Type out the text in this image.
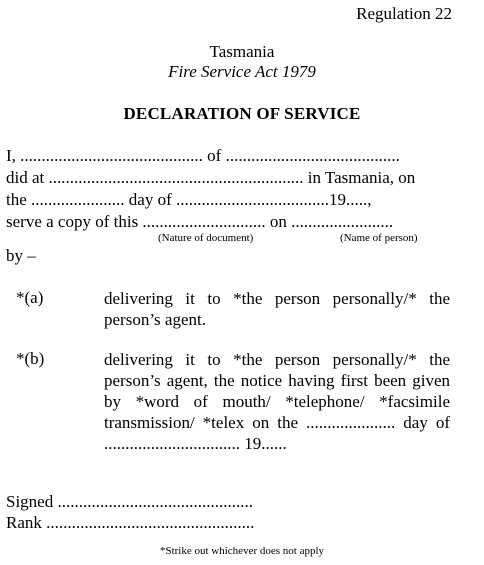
Regulation 22
Tasmania
Fire Service Act 1979
DECLARATION OF SERVICE
I, ........................................... of .........................................
did at ............................................................ in Tasmania, on
the ...................... day of ....................................19.....,
serve a copy of this ............................. on ........................
(Nature of document)	(Name of person)
by –
*(a)	delivering it to *the person personally/* the
person’s agent.
*(b)	delivering it to *the person personally/* the
person’s agent, the notice having first been given
by *word of mouth/ *telephone/ *facsimile
transmission/ *telex on the ..................... day of
................................ 19......
Signed ..............................................
Rank .................................................
*Strike out whichever does not apply
